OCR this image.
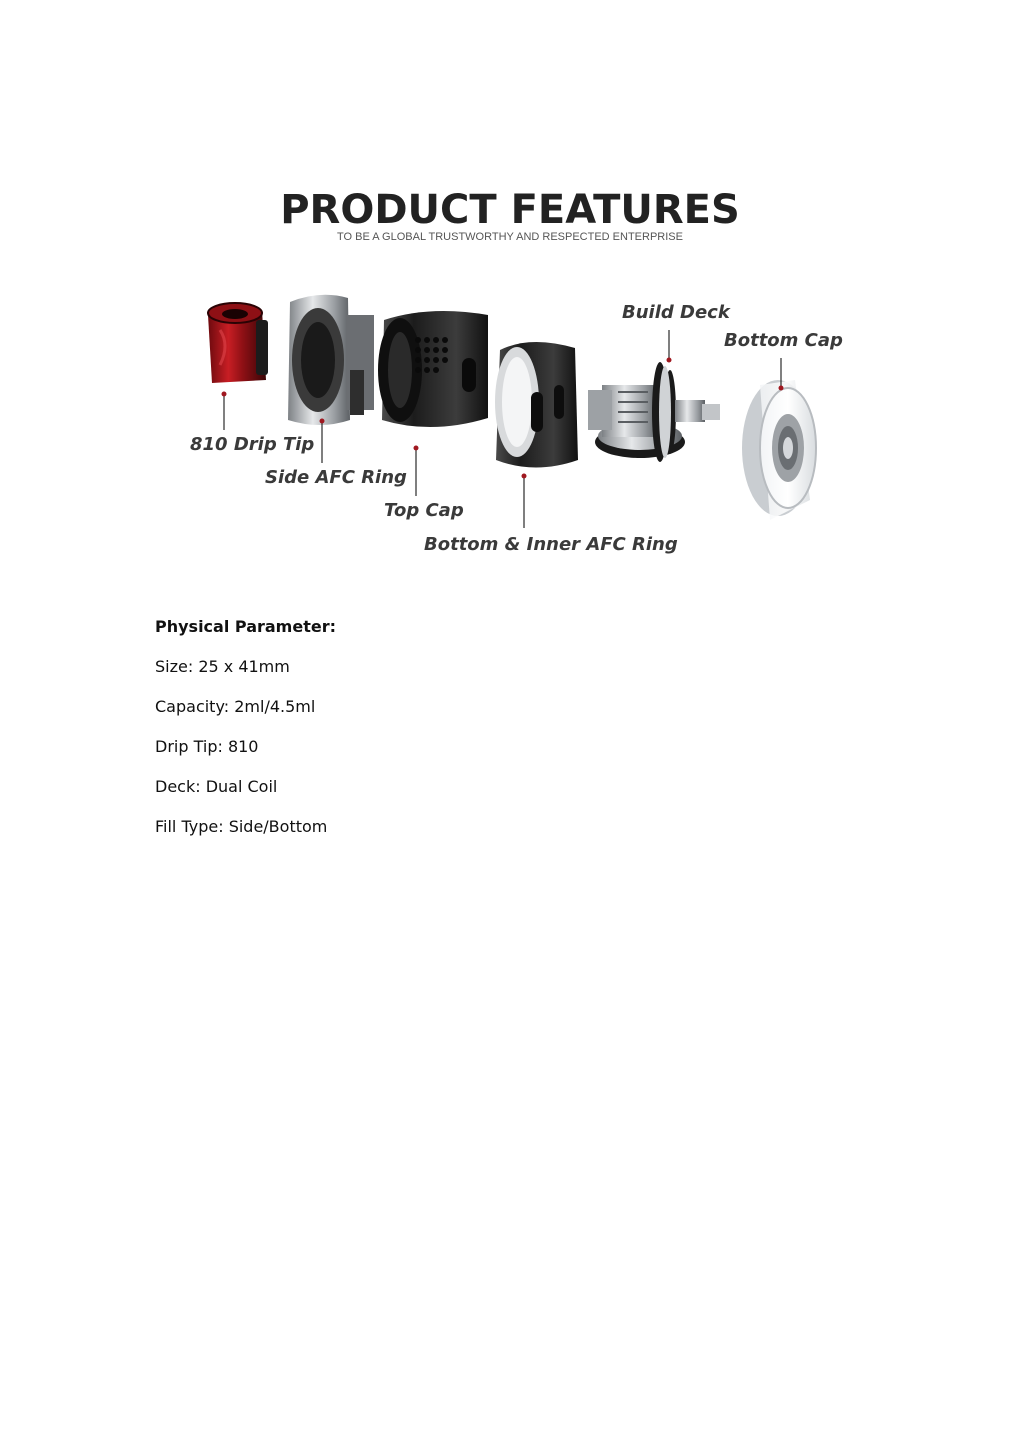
PRODUCT FEATURES
TO BE A GLOBAL TRUSTWORTHY AND RESPECTED ENTERPRISE
810 Drip Tip
Side AFC Ring
Top Cap
Bottom & Inner AFC Ring
Build Deck
Bottom Cap

Physical Parameter:

Size: 25 x 41mm

Capacity: 2ml/4.5ml

Drip Tip: 810

Deck: Dual Coil

Fill Type: Side/Bottom
